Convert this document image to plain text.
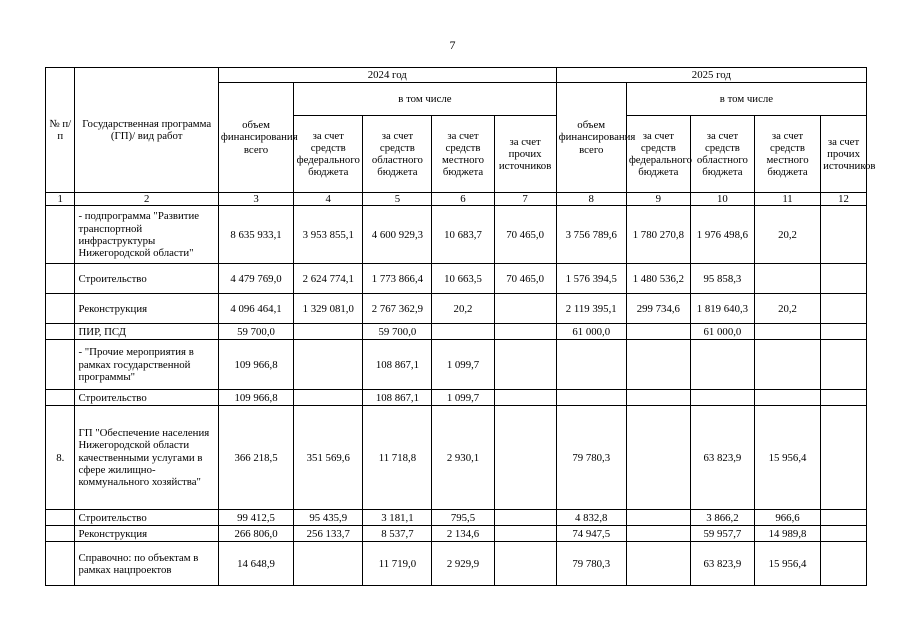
7
№ п/п	Государственная программа (ГП)/ вид работ	2024 год					2025 год				
		объем финансирования всего	в том числе				объем финансирования всего	в том числе			
			за счет средств федерального бюджета	за счет средств областного бюджета	за счет средств местного бюджета	за счет прочих источников		за счет средств федерального бюджета	за счет средств областного бюджета	за счет средств местного бюджета	за счет прочих источников
1	2	3	4	5	6	7	8	9	10	11	12
	- подпрограмма "Развитие транспортной инфраструктуры Нижегородской области"	8 635 933,1	3 953 855,1	4 600 929,3	10 683,7	70 465,0	3 756 789,6	1 780 270,8	1 976 498,6	20,2	
	Строительство	4 479 769,0	2 624 774,1	1 773 866,4	10 663,5	70 465,0	1 576 394,5	1 480 536,2	95 858,3		
	Реконструкция	4 096 464,1	1 329 081,0	2 767 362,9	20,2		2 119 395,1	299 734,6	1 819 640,3	20,2	
	ПИР, ПСД	59 700,0		59 700,0			61 000,0		61 000,0		
	- "Прочие мероприятия в рамках государственной программы"	109 966,8		108 867,1	1 099,7						
	Строительство	109 966,8		108 867,1	1 099,7						
8.	ГП "Обеспечение населения Нижегородской области качественными услугами в сфере жилищно-коммунального хозяйства"	366 218,5	351 569,6	11 718,8	2 930,1		79 780,3		63 823,9	15 956,4	
	Строительство	99 412,5	95 435,9	3 181,1	795,5		4 832,8		3 866,2	966,6	
	Реконструкция	266 806,0	256 133,7	8 537,7	2 134,6		74 947,5		59 957,7	14 989,8	
	Справочно: по объектам в рамках нацпроектов	14 648,9		11 719,0	2 929,9		79 780,3		63 823,9	15 956,4	
